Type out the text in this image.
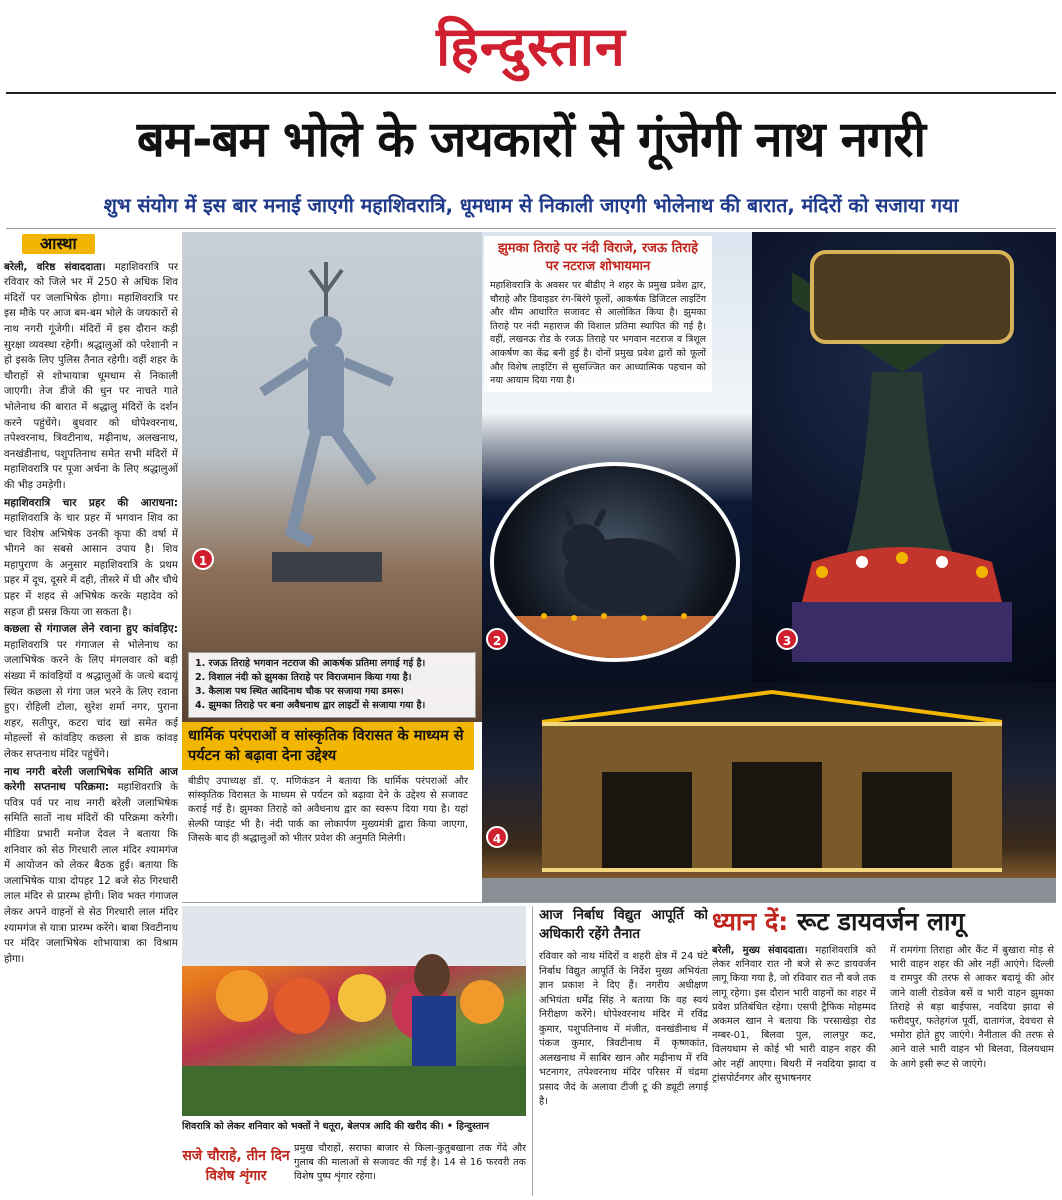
हिन्दुस्तान
बम-बम भोले के जयकारों से गूंजेगी नाथ नगरी
शुभ संयोग में इस बार मनाई जाएगी महाशिवरात्रि, धूमधाम से निकाली जाएगी भोलेनाथ की बारात, मंदिरों को सजाया गया
आस्था

बरेली, वरिष्ठ संवाददाता। महाशिवरात्रि पर रविवार को जिले भर में 250 से अधिक शिव मंदिरों पर जलाभिषेक होगा। महाशिवरात्रि पर इस मौके पर आज बम-बम भोले के जयकारों से नाथ नगरी गूंजेगी। मंदिरों में इस दौरान कड़ी सुरक्षा व्यवस्था रहेगी। श्रद्धालुओं को परेशानी न हो इसके लिए पुलिस तैनात रहेगी। वहीं शहर के चौराहों से शोभायात्रा धूमधाम से निकाली जाएगी। तेज डीजे की धुन पर नाचते गाते भोलेनाथ की बारात में श्रद्धालु मंदिरों के दर्शन करने पहुंचेंगे। बुधवार को धोपेश्वरनाथ, तपेश्वरनाथ, त्रिवटीनाथ, मढ़ीनाथ, अलखनाथ, वनखंडीनाथ, पशुपतिनाथ समेत सभी मंदिरों में महाशिवरात्रि पर पूजा अर्चना के लिए श्रद्धालुओं की भीड़ उमड़ेगी।

महाशिवरात्रि चार प्रहर की आराधना: महाशिवरात्रि के चार प्रहर में भगवान शिव का चार विशेष अभिषेक उनकी कृपा की वर्षा में भीगने का सबसे आसान उपाय है। शिव महापुराण के अनुसार महाशिवरात्रि के प्रथम प्रहर में दूध, दूसरे में दही, तीसरे में घी और चौथे प्रहर में शहद से अभिषेक करके महादेव को सहज ही प्रसन्न किया जा सकता है।

कछला से गंगाजल लेने रवाना हुए कांवड़िए: महाशिवरात्रि पर गंगाजल से भोलेनाथ का जलाभिषेक करने के लिए मंगलवार को बड़ी संख्या में कांवड़ियों व श्रद्धालुओं के जत्थे बदायूं स्थित कछला से गंगा जल भरने के लिए रवाना हुए। रोहिली टोला, सुरेश शर्मा नगर, पुराना शहर, सतीपुर, कटरा चांद खां समेत कई मोहल्लों से कांवड़िए कछला से डाक कांवड़ लेकर सप्तनाथ मंदिर पहुंचेंगे।

नाथ नगरी बरेली जलाभिषेक समिति आज करेगी सप्तनाथ परिक्रमा: महाशिवरात्रि के पवित्र पर्व पर नाथ नगरी बरेली जलाभिषेक समिति सातों नाथ मंदिरों की परिक्रमा करेगी। मीडिया प्रभारी मनोज देवल ने बताया कि शनिवार को सेठ गिरधारी लाल मंदिर श्यामगंज में आयोजन को लेकर बैठक हुई। बताया कि जलाभिषेक यात्रा दोपहर 12 बजे सेठ गिरधारी लाल मंदिर से प्रारम्भ होगी। शिव भक्त गंगाजल लेकर अपने वाहनों से सेठ गिरधारी लाल मंदिर श्यामगंज से यात्रा प्रारम्भ करेंगे। बाबा त्रिवटीनाथ पर मंदिर जलाभिषेक शोभायात्रा का विश्राम होगा।

1. रजऊ तिराहे भगवान नटराज की आकर्षक प्रतिमा लगाई गई है।
2. विशाल नंदी को झुमका तिराहे पर विराजमान किया गया है।
3. कैलाश पथ स्थित आदिनाथ चौक पर सजाया गया डमरू।
4. झुमका तिराहे पर बना अवैधनाथ द्वार लाइटों से सजाया गया है।
झुमका तिराहे पर नंदी विराजे, रजऊ तिराहे पर नटराज शोभायमान
महाशिवरात्रि के अवसर पर बीडीए ने शहर के प्रमुख प्रवेश द्वार, चौराहे और डिवाइडर रंग-बिरंगे फूलों, आकर्षक डिजिटल लाइटिंग और थीम आधारित सजावट से आलोकित किया है। झुमका तिराहे पर नंदी महाराज की विशाल प्रतिमा स्थापित की गई है। वहीं, लखनऊ रोड के रजऊ तिराहे पर भगवान नटराज व त्रिशूल आकर्षण का केंद्र बनी हुई है। दोनों प्रमुख प्रवेश द्वारों को फूलों और विशेष लाइटिंग से सुसज्जित कर आध्यात्मिक पहचान को नया आयाम दिया गया है।
1
2	3
4
धार्मिक परंपराओं व सांस्कृतिक विरासत के माध्यम से पर्यटन को बढ़ावा देना उद्देश्य
बीडीए उपाध्यक्ष डॉ. ए. मणिकंडन ने बताया कि धार्मिक परंपराओं और सांस्कृतिक विरासत के माध्यम से पर्यटन को बढ़ावा देने के उद्देश्य से सजावट कराई गई है। झुमका तिराहे को अवैधनाथ द्वार का स्वरूप दिया गया है। यहां सेल्फी प्वाइंट भी है। नंदी पार्क का लोकार्पण मुख्यमंत्री द्वारा किया जाएगा, जिसके बाद ही श्रद्धालुओं को भीतर प्रवेश की अनुमति मिलेगी।
शिवरात्रि को लेकर शनिवार को भक्तों ने धतूरा, बेलपत्र आदि की खरीद की। • हिन्दुस्तान
सजे चौराहे, तीन दिन विशेष शृंगार
प्रमुख चौराहों, सराफा बाजार से किला-कुतुबखाना तक गेंदे और गुलाब की मालाओं से सजावट की गई है। 14 से 16 फरवरी तक विशेष पुष्प शृंगार रहेगा।
आज निर्बाध विद्युत आपूर्ति को अधिकारी रहेंगे तैनात
रविवार को नाथ मंदिरों व शहरी क्षेत्र में 24 घंटे निर्बाध विद्युत आपूर्ति के निर्देश मुख्य अभियंता ज्ञान प्रकाश ने दिए हैं। नगरीय अधीक्षण अभियंता धर्मेंद्र सिंह ने बताया कि वह स्वयं निरीक्षण करेंगे। धोपेश्वरनाथ मंदिर में रविंद्र कुमार, पशुपतिनाथ में मंजीत, वनखंडीनाथ में पंकज कुमार, त्रिवटीनाथ में कृष्णकांत, अलखनाथ में साबिर खान और मढ़ीनाथ में रवि भटनागर, तपेश्वरनाथ मंदिर परिसर में चंद्रमा प्रसाद जैदं के अलावा टीजी टू की ड्यूटी लगाई है।
ध्यान दें: रूट डायवर्जन लागू
बरेली, मुख्य संवाददाता। महाशिवरात्रि को लेकर शनिवार रात नौ बजे से रूट डायवर्जन लागू किया गया है, जो रविवार रात नौ बजे तक लागू रहेगा। इस दौरान भारी वाहनों का शहर में प्रवेश प्रतिबंधित रहेगा। एसपी ट्रैफिक मोहम्मद अकमल खान ने बताया कि परसाखेड़ा रोड नम्बर-01, बिलवा पुल, लालपुर कट, विलयधाम से कोई भी भारी वाहन शहर की ओर नहीं आएगा। बिथरी में नवदिया झादा व ट्रांसपोर्टनगर और सुभाषनगर
में रामगंगा तिराहा और कैंट में बुखारा मोड़ से भारी वाहन शहर की ओर नहीं आएंगे। दिल्ली व रामपुर की तरफ से आकर बदायूं की ओर जाने वाली रोडवेज बसें व भारी वाहन झुमका तिराहे से बड़ा बाईपास, नवदिया झादा से फरीदपुर, फतेहगंज पूर्वी, दातागंज, देवचरा से भमोरा होते हुए जाएंगे। नैनीताल की तरफ से आने वाले भारी वाहन भी बिलवा, विलयधाम के आगे इसी रूट से जाएंगे।
